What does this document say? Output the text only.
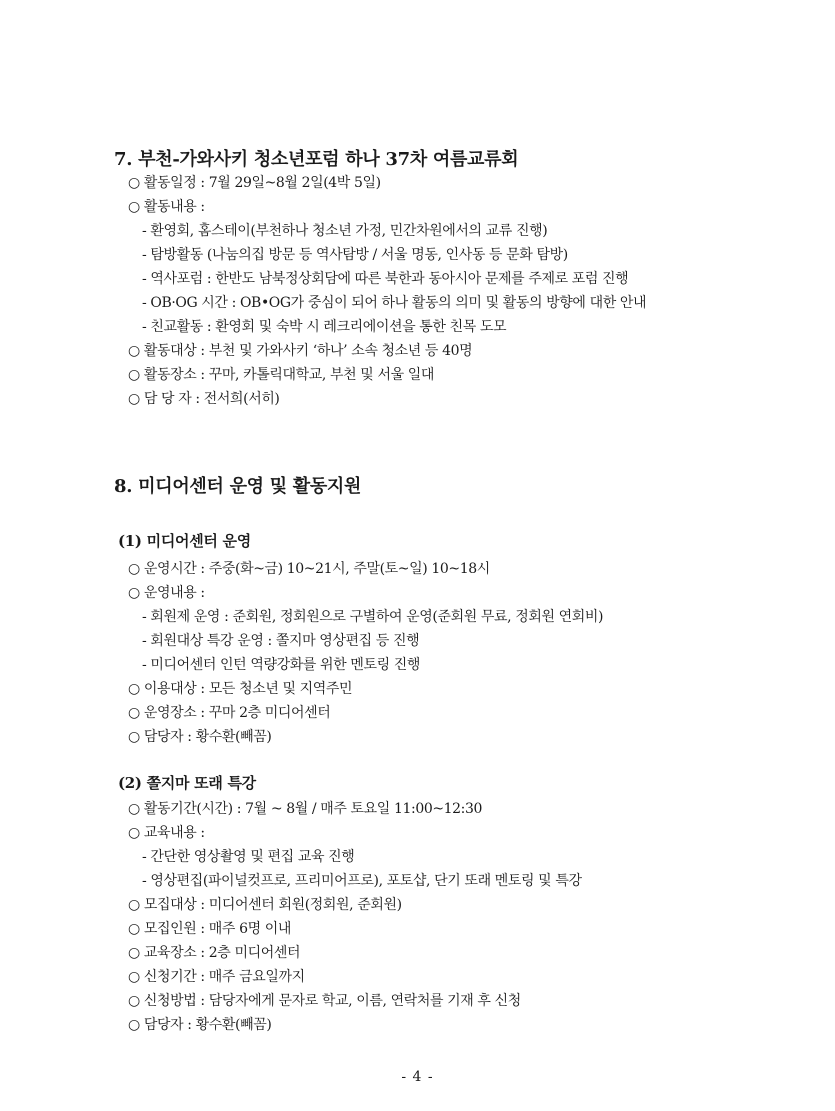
7. 부천-가와사키 청소년포럼 하나 37차 여름교류회
○ 활동일정 : 7월 29일~8월 2일(4박 5일)
○ 활동내용 :
- 환영회, 홈스테이(부천하나 청소년 가정, 민간차원에서의 교류 진행)
- 탐방활동 (나눔의집 방문 등 역사탐방 / 서울 명동, 인사동 등 문화 탐방)
- 역사포럼 : 한반도 남북정상회담에 따른 북한과 동아시아 문제를 주제로 포럼 진행
- OB·OG 시간 : OB•OG가 중심이 되어 하나 활동의 의미 및 활동의 방향에 대한 안내
- 친교활동 : 환영회 및 숙박 시 레크리에이션을 통한 친목 도모
○ 활동대상 : 부천 및 가와사키 ‘하나’ 소속 청소년 등 40명
○ 활동장소 : 꾸마, 카톨릭대학교, 부천 및 서울 일대
○ 담 당 자 : 전서희(서히)
8. 미디어센터 운영 및 활동지원
(1) 미디어센터 운영
○ 운영시간 : 주중(화~금) 10~21시, 주말(토~일) 10~18시
○ 운영내용 :
- 회원제 운영 : 준회원, 정회원으로 구별하여 운영(준회원 무료, 정회원 연회비)
- 회원대상 특강 운영 : 쫄지마 영상편집 등 진행
- 미디어센터 인턴 역량강화를 위한 멘토링 진행
○ 이용대상 : 모든 청소년 및 지역주민
○ 운영장소 : 꾸마 2층 미디어센터
○ 담당자 : 황수환(빼꼼)
(2) 쫄지마 또래 특강
○ 활동기간(시간) : 7월 ~ 8월 / 매주 토요일 11:00~12:30
○ 교육내용 :
- 간단한 영상촬영 및 편집 교육 진행
- 영상편집(파이널컷프로, 프리미어프로), 포토샵, 단기 또래 멘토링 및 특강
○ 모집대상 : 미디어센터 회원(정회원, 준회원)
○ 모집인원 : 매주 6명 이내
○ 교육장소 : 2층 미디어센터
○ 신청기간 : 매주 금요일까지
○ 신청방법 : 담당자에게 문자로 학교, 이름, 연락처를 기재 후 신청
○ 담당자 : 황수환(빼꼼)
- 4 -
